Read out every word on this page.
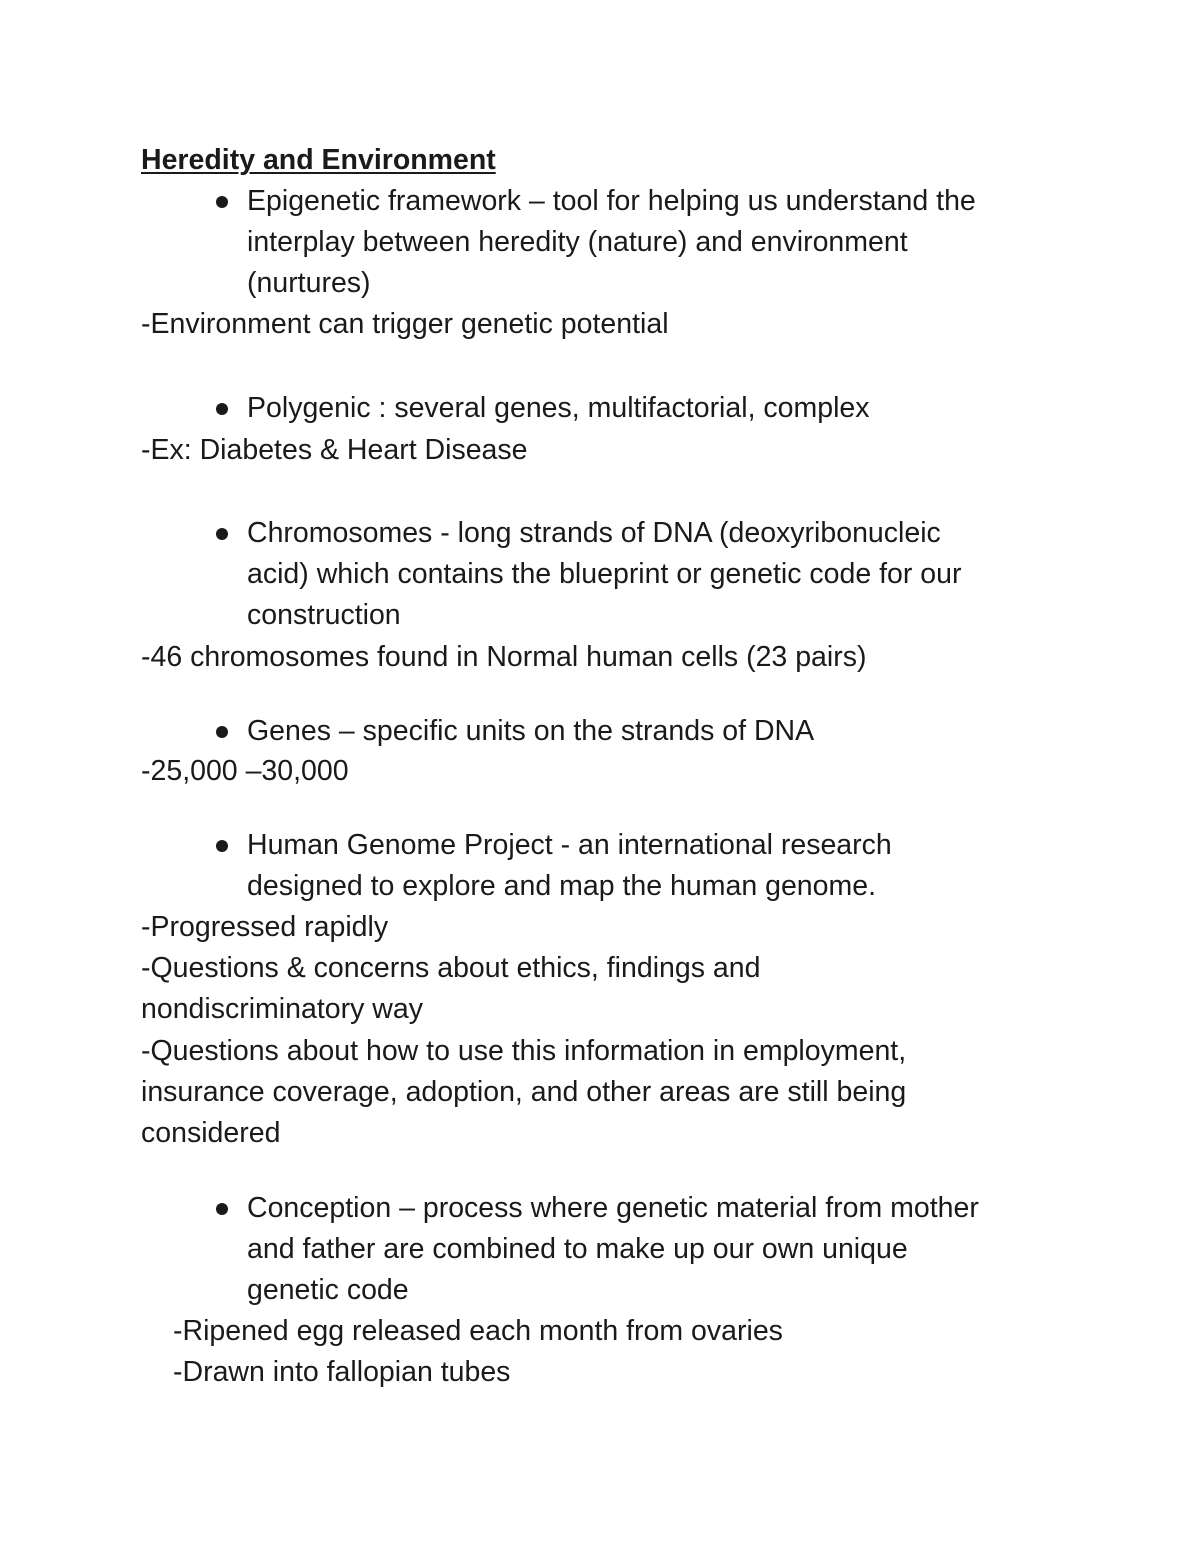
Heredity and Environment
Epigenetic framework – tool for helping us understand the
interplay between heredity (nature) and environment
(nurtures)
-Environment can trigger genetic potential
Polygenic : several genes, multifactorial, complex
-Ex: Diabetes & Heart Disease
Chromosomes - long strands of DNA (deoxyribonucleic
acid) which contains the blueprint or genetic code for our
construction
-46 chromosomes found in Normal human cells (23 pairs)
Genes – specific units on the strands of DNA
-25,000 –30,000
Human Genome Project - an international research
designed to explore and map the human genome.
-Progressed rapidly
-Questions & concerns about ethics, findings and
nondiscriminatory way
-Questions about how to use this information in employment,
insurance coverage, adoption, and other areas are still being
considered
Conception – process where genetic material from mother
and father are combined to make up our own unique
genetic code
-Ripened egg released each month from ovaries
-Drawn into fallopian tubes
